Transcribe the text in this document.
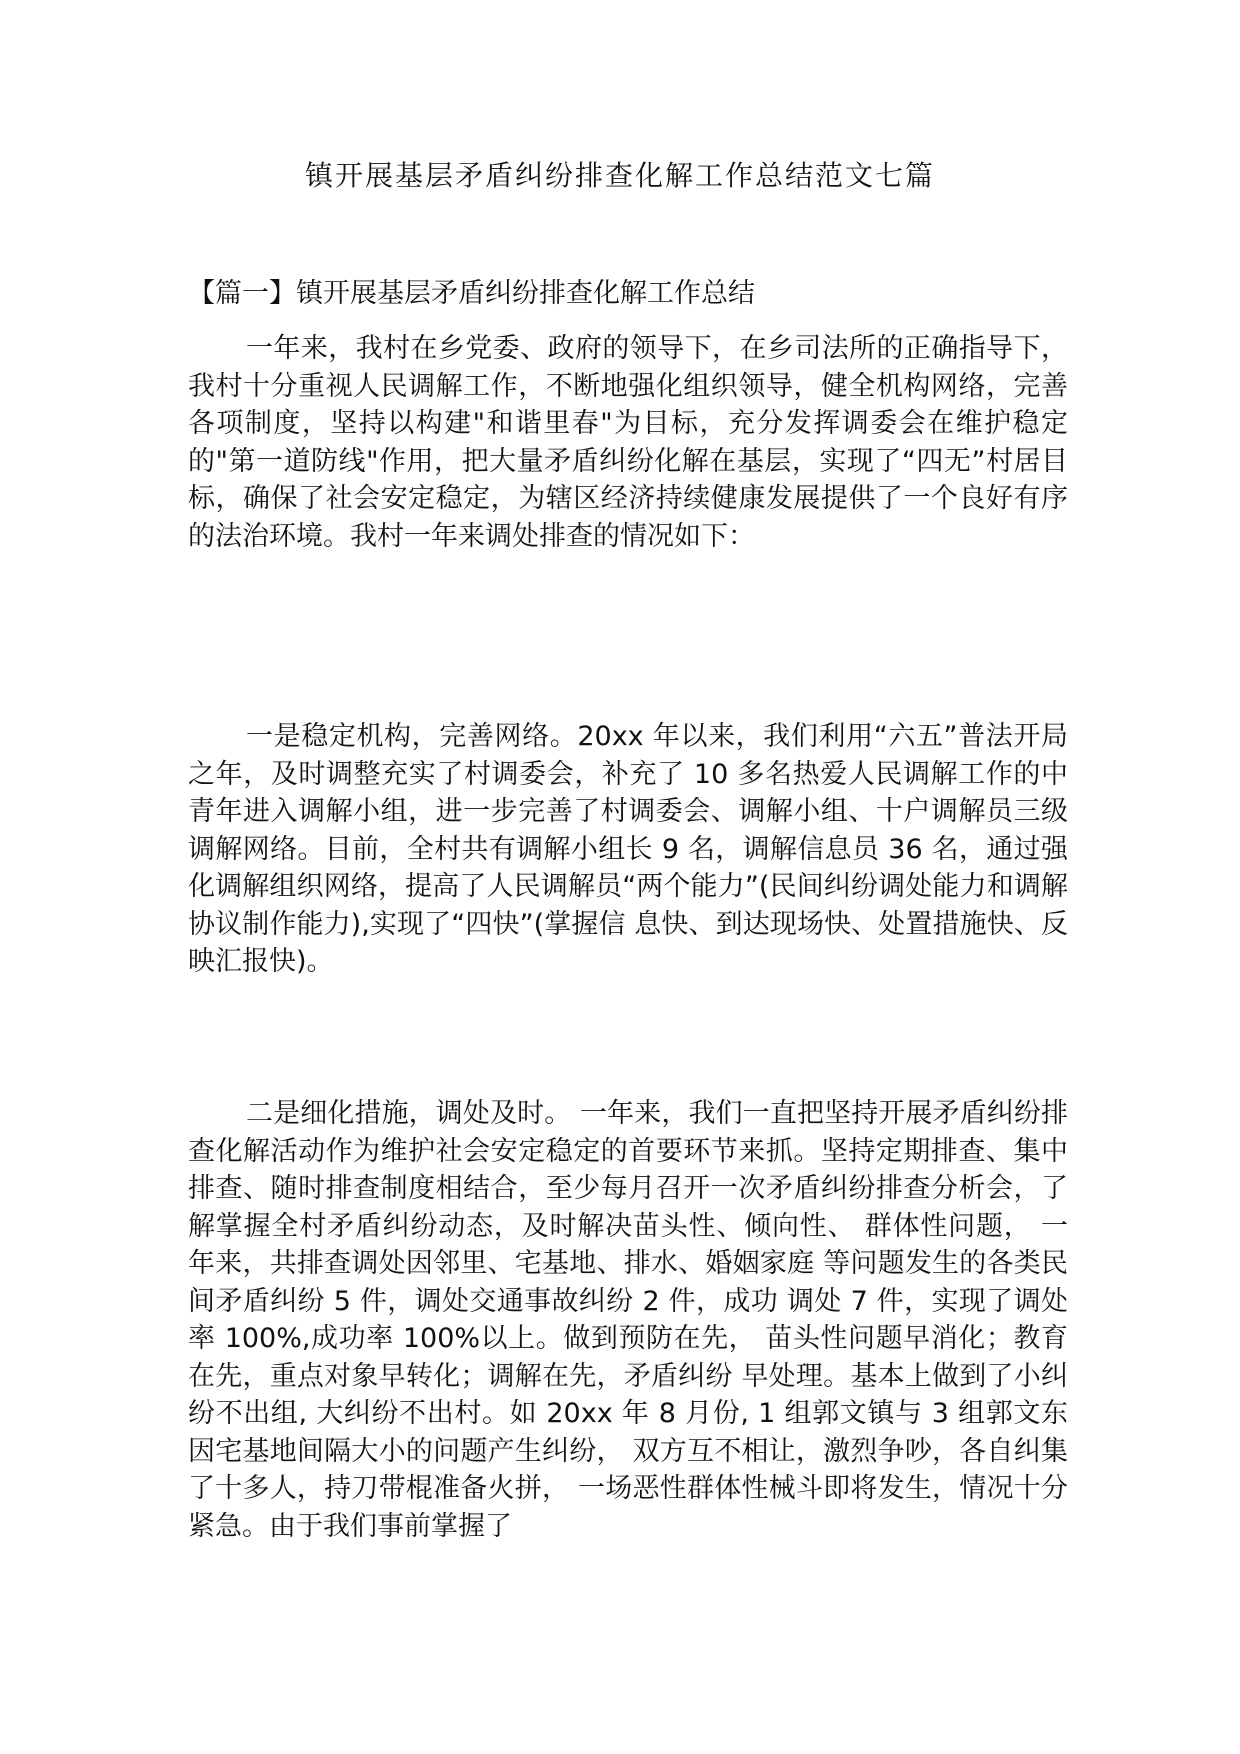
镇开展基层矛盾纠纷排查化解工作总结范文七篇
【篇一】镇开展基层矛盾纠纷排查化解工作总结

一年来，我村在乡党委、政府的领导下，在乡司法所的正确指导下，我村十分重视人民调解工作，不断地强化组织领导，健全机构网络，完善各项制度，坚持以构建"和谐里春"为目标，充分发挥调委会在维护稳定的"第一道防线"作用，把大量矛盾纠纷化解在基层，实现了“四无”村居目标，确保了社会安定稳定，为辖区经济持续健康发展提供了一个良好有序的法治环境。我村一年来调处排查的情况如下：

一是稳定机构，完善网络。20xx 年以来，我们利用“六五”普法开局之年，及时调整充实了村调委会，补充了 10 多名热爱人民调解工作的中青年进入调解小组，进一步完善了村调委会、调解小组、十户调解员三级调解网络。目前，全村共有调解小组长 9 名，调解信息员 36 名，通过强化调解组织网络，提高了人民调解员“两个能力”(民间纠纷调处能力和调解协议制作能力),实现了“四快”(掌握信 息快、到达现场快、处置措施快、反映汇报快)。

二是细化措施，调处及时。 一年来，我们一直把坚持开展矛盾纠纷排查化解活动作为维护社会安定稳定的首要环节来抓。坚持定期排查、集中排查、随时排查制度相结合，至少每月召开一次矛盾纠纷排查分析会，了解掌握全村矛盾纠纷动态，及时解决苗头性、倾向性、 群体性问题， 一年来，共排查调处因邻里、宅基地、排水、婚姻家庭 等问题发生的各类民间矛盾纠纷 5 件，调处交通事故纠纷 2 件，成功 调处 7 件，实现了调处率 100%,成功率 100%以上。做到预防在先， 苗头性问题早消化；教育在先，重点对象早转化；调解在先，矛盾纠纷 早处理。基本上做到了小纠纷不出组, 大纠纷不出村。如 20xx 年 8 月份, 1 组郭文镇与 3 组郭文东因宅基地间隔大小的问题产生纠纷， 双方互不相让，激烈争吵，各自纠集了十多人，持刀带棍准备火拼， 一场恶性群体性械斗即将发生，情况十分紧急。由于我们事前掌握了
